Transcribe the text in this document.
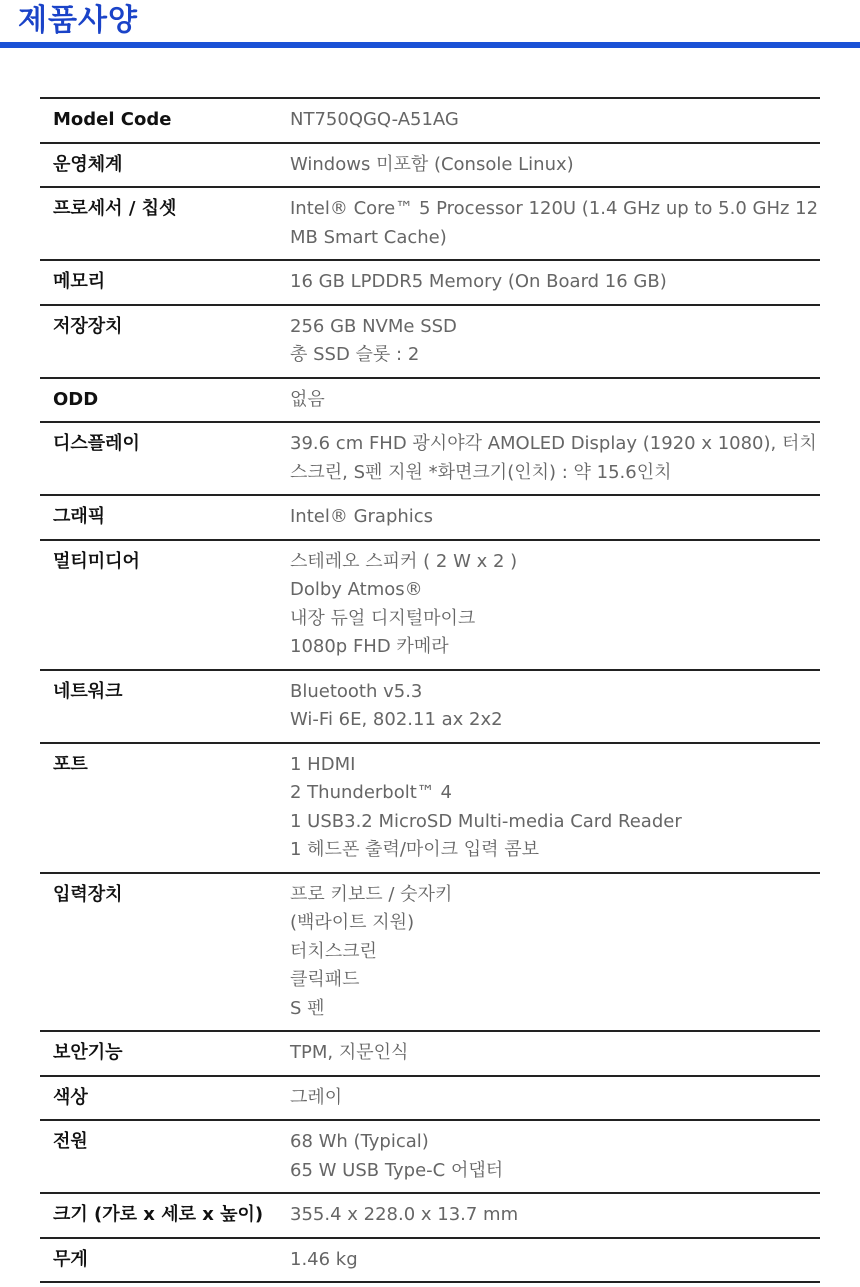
제품사양
Model Code	NT750QGQ-A51AG

운영체계	Windows 미포함 (Console Linux)

프로세서 / 칩셋	Intel® Core™ 5 Processor 120U (1.4 GHz up to 5.0 GHz 12
MB Smart Cache)

메모리	16 GB LPDDR5 Memory (On Board 16 GB)

저장장치	256 GB NVMe SSD
총 SSD 슬롯 : 2

ODD	없음

디스플레이	39.6 cm FHD 광시야각 AMOLED Display (1920 x 1080), 터치
스크린, S펜 지원 *화면크기(인치) : 약 15.6인치

그래픽	Intel® Graphics

멀티미디어	스테레오 스피커 ( 2 W x 2 )
Dolby Atmos®
내장 듀얼 디지털마이크
1080p FHD 카메라

네트워크	Bluetooth v5.3
Wi-Fi 6E, 802.11 ax 2x2

포트	1 HDMI
2 Thunderbolt™ 4
1 USB3.2 MicroSD Multi-media Card Reader
1 헤드폰 출력/마이크 입력 콤보

입력장치	프로 키보드 / 숫자키
(백라이트 지원)
터치스크린
클릭패드
S 펜

보안기능	TPM, 지문인식

색상	그레이

전원	68 Wh (Typical)
65 W USB Type-C 어댑터

크기 (가로 x 세로 x 높이)	355.4 x 228.0 x 13.7 mm

무게	1.46 kg
